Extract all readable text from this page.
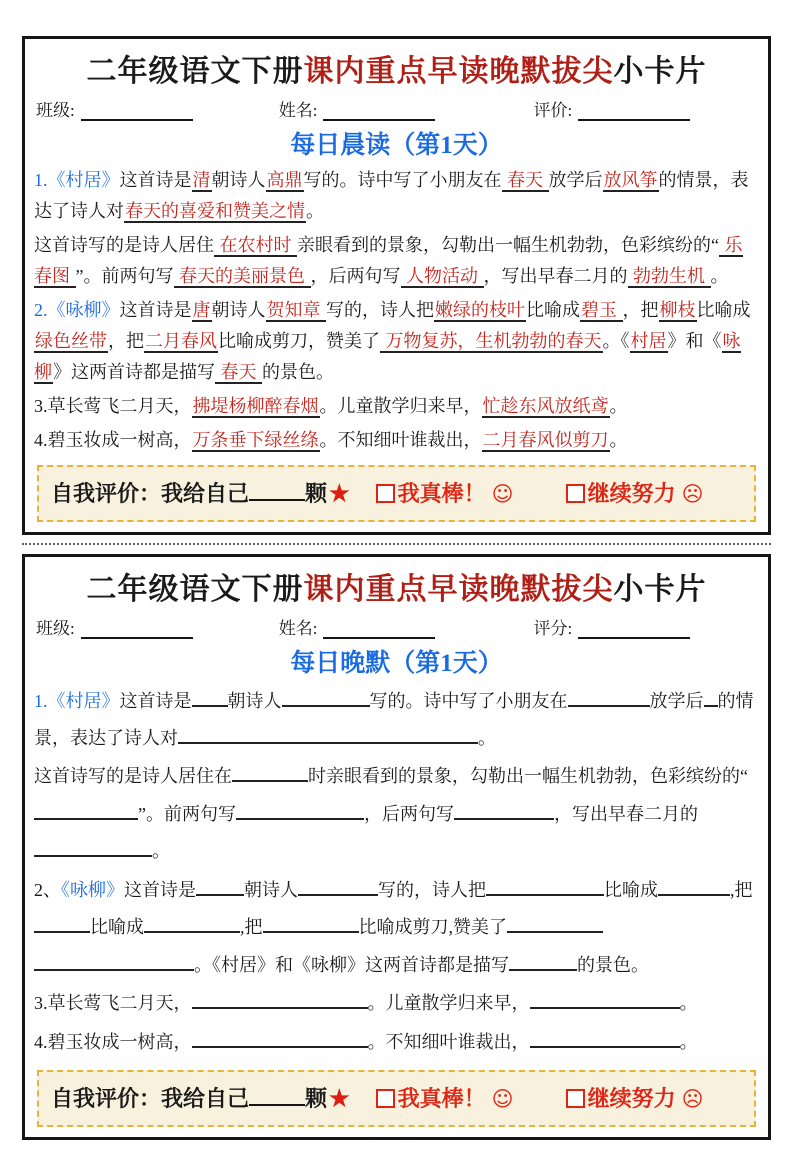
二年级语文下册课内重点早读晚默拔尖小卡片
班级:	姓名:	评价:
每日晨读（第1天）

1.《村居》这首诗是清朝诗人高鼎写的。诗中写了小朋友在 春天 放学后放风筝的情景，表达了诗人对春天的喜爱和赞美之情。

这首诗写的是诗人居住 在农村时 亲眼看到的景象，勾勒出一幅生机勃勃，色彩缤纷的“ 乐春图 ”。前两句写 春天的美丽景色 ，后两句写 人物活动 ，写出早春二月的 勃勃生机 。

2.《咏柳》这首诗是唐朝诗人贺知章 写的，诗人把嫩绿的枝叶比喻成碧玉 ，把柳枝比喻成绿色丝带，把二月春风比喻成剪刀，赞美了 万物复苏，生机勃勃的春天。《村居》和《咏柳》这两首诗都是描写 春天 的景色。

3.草长莺飞二月天，拂堤杨柳醉春烟。儿童散学归来早，忙趁东风放纸鸢。

4.碧玉妆成一树高，万条垂下绿丝绦。不知细叶谁裁出，二月春风似剪刀。

自我评价：我给自己	颗★ 我真棒！ ☺	继续努力 ☹
二年级语文下册课内重点早读晚默拔尖小卡片
班级:	姓名:	评分:
每日晚默（第1天）

1.《村居》这首诗是 朝诗人	写的。诗中写了小朋友在	放学后 的情景，表达了诗人对	。

这首诗写的是诗人居住在	时亲眼看到的景象，勾勒出一幅生机勃勃，色彩缤纷的“”。前两句写	，后两句写	，写出早春二月的。

2、《咏柳》这首诗是	朝诗人	写的，诗人把	比喻成	,把比喻成	,把	比喻成剪刀,赞美了。《村居》和《咏柳》这两首诗都是描写	的景色。

3.草长莺飞二月天，	。儿童散学归来早，	。

4.碧玉妆成一树高，	。不知细叶谁裁出，	。

自我评价：我给自己	颗★ 我真棒！ ☺	继续努力 ☹
